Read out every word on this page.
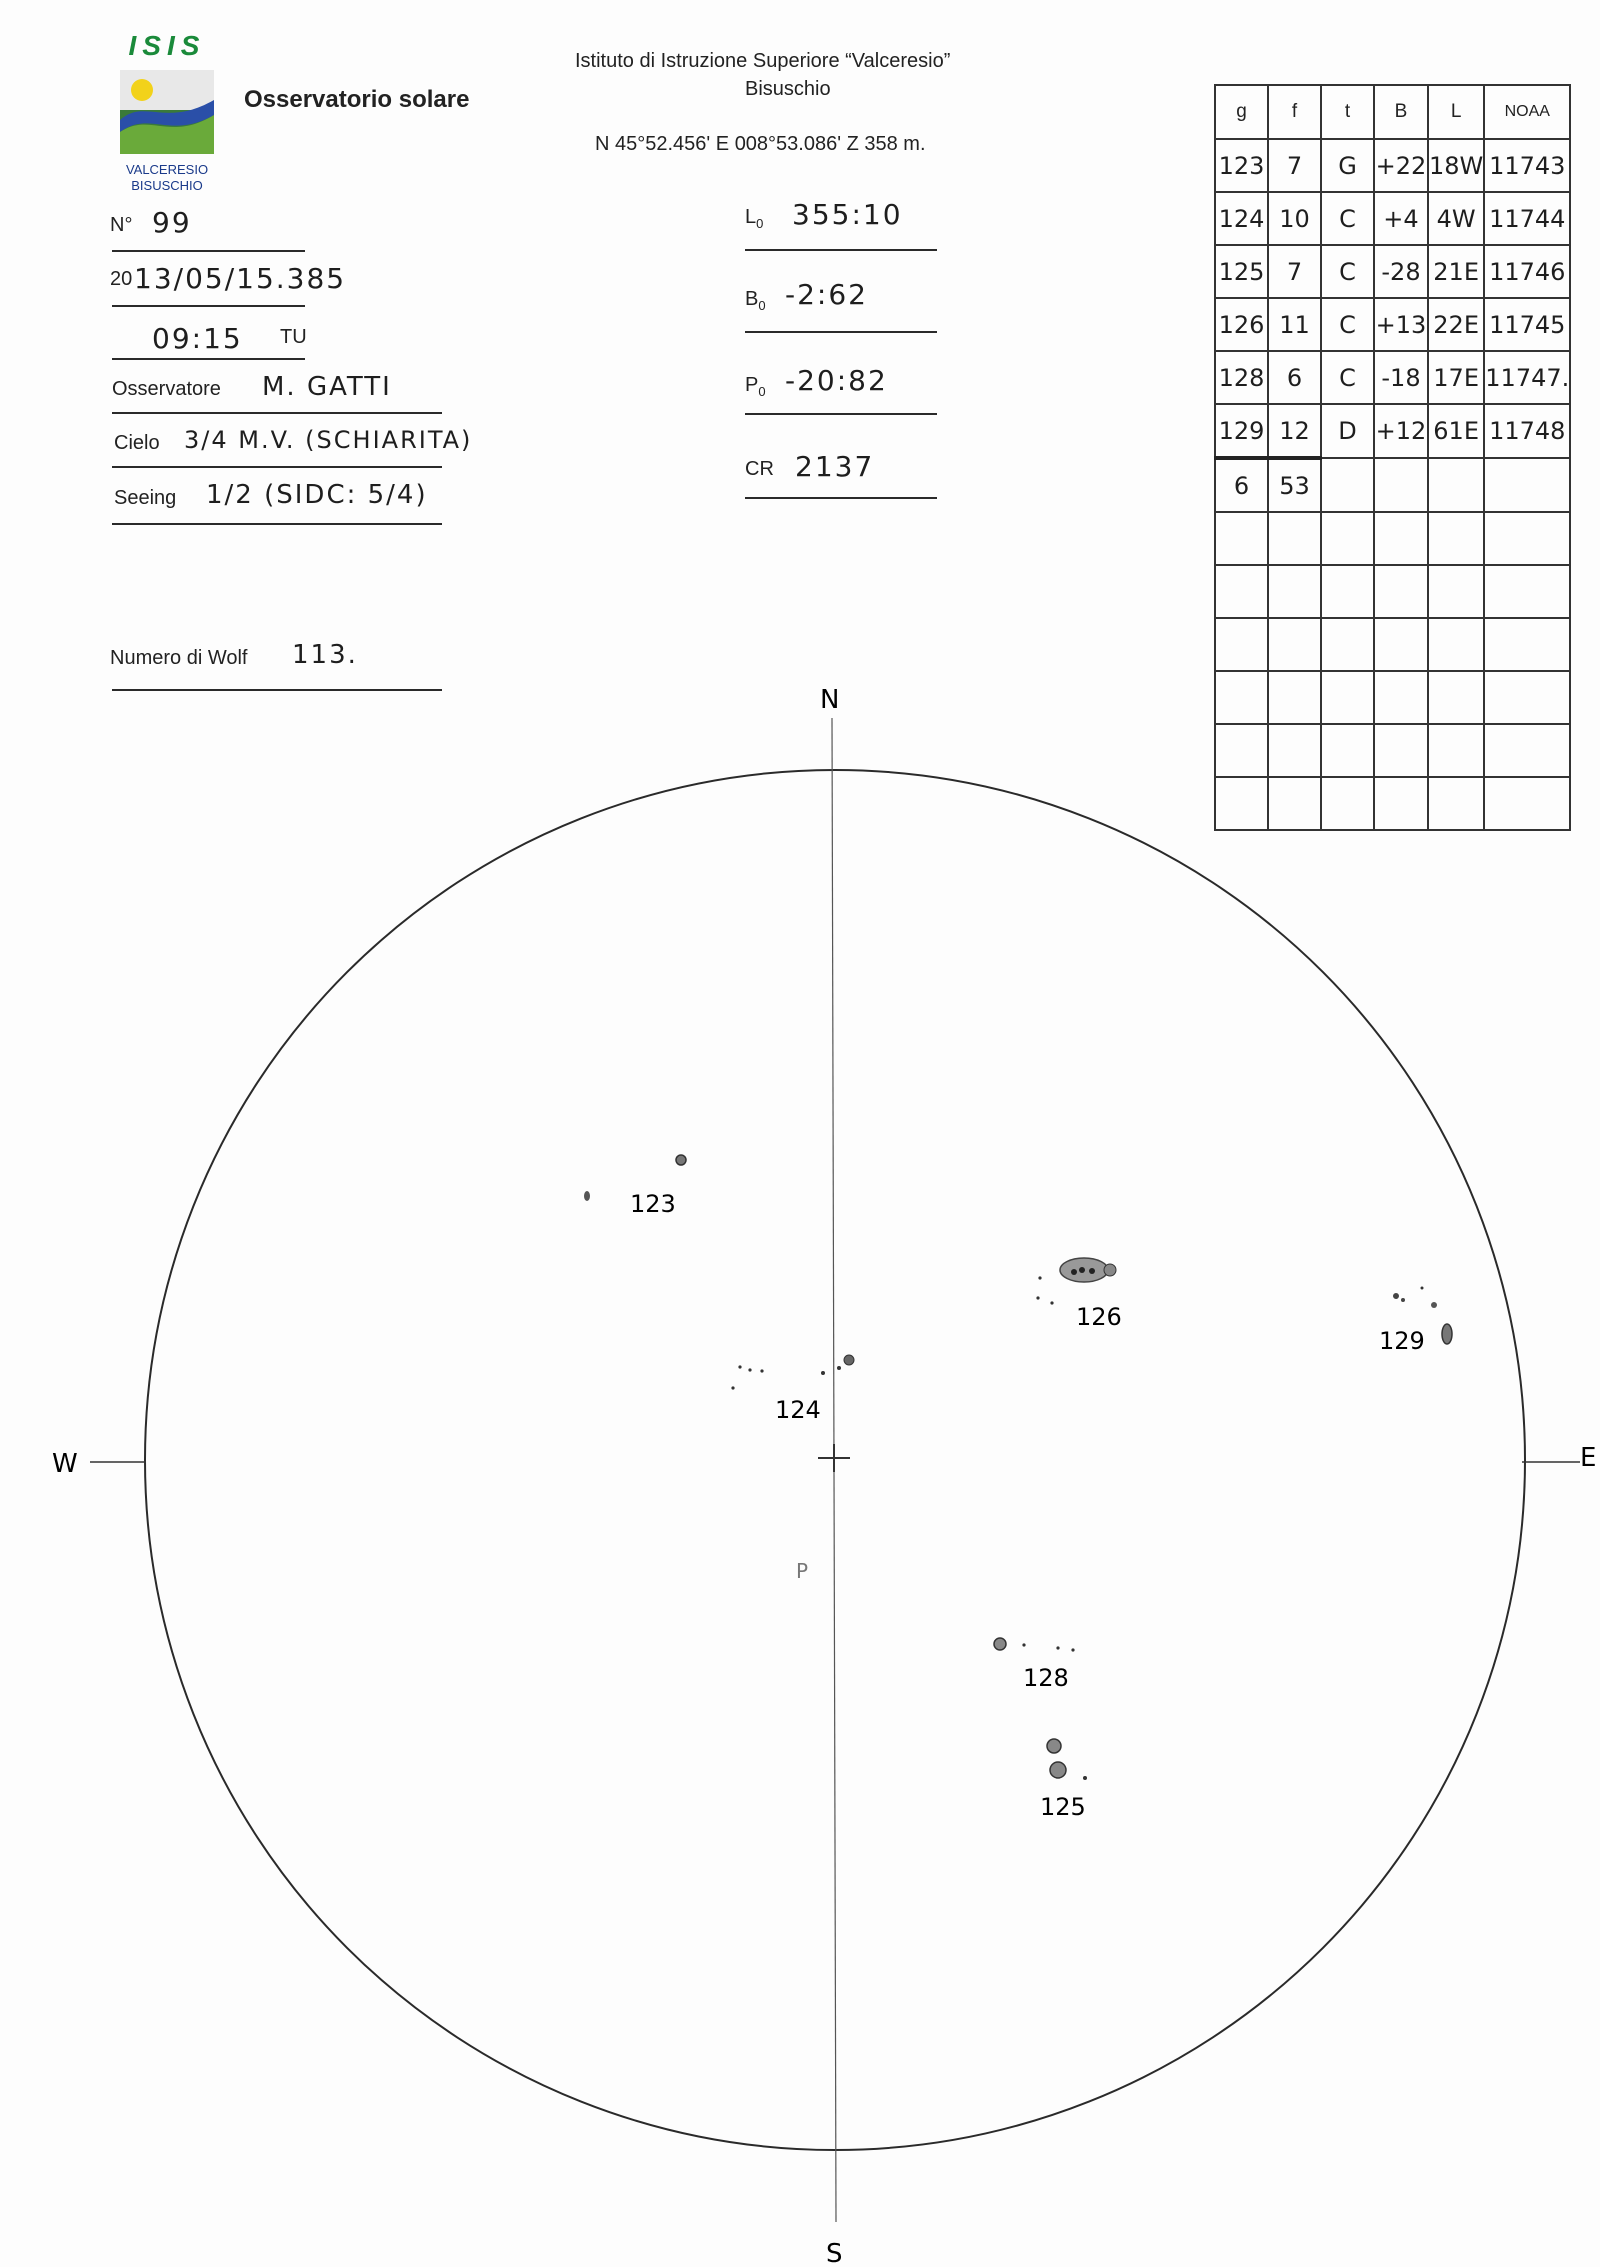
ISIS
VALCERESIO
BISUSCHIO
Osservatorio solare
Istituto di Istruzione Superiore “Valceresio”
Bisuschio
N 45°52.456' E 008°53.086' Z 358 m.
N° 99
20 13/05/15.385
09:15 TU
Osservatore M. GATTI
Cielo 3/4 M.V. (SCHIARITA)
Seeing 1/2 (SIDC: 5/4)
Numero di Wolf 113.
$L_0$ 355:10
$B_0$ -2:62
$P_0$ -20:82
CR 2137
g	f	t	B	L	NOAA
123	7	G	+22	18W	11743
124	10	C	+4	4W	11744
125	7	C	-28	21E	11746
126	11	C	+13	22E	11745
128	6	C	-18	17E	11747.
129	12	D	+12	61E	11748
6	53				

N
S
W	E
P
123
124
126
129
128
125
